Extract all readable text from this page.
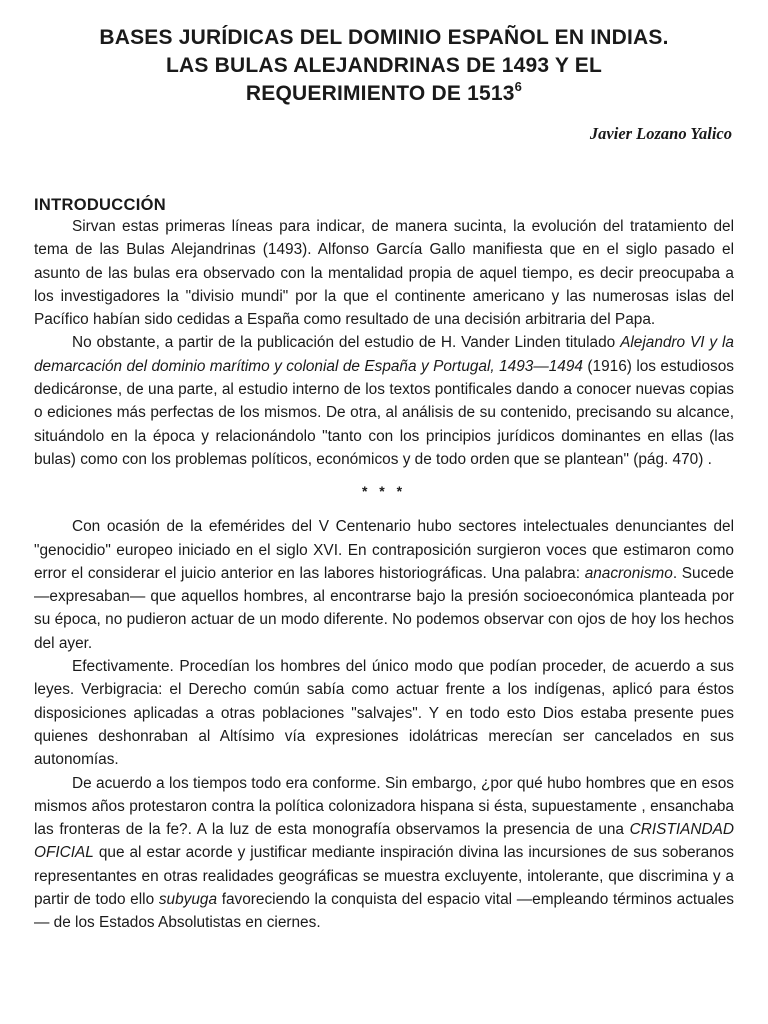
BASES JURÍDICAS DEL DOMINIO ESPAÑOL EN INDIAS.
LAS BULAS ALEJANDRINAS DE 1493 Y EL
REQUERIMIENTO DE 1513$^6$

Javier Lozano Yalico

INTRODUCCIÓN

Sirvan estas primeras líneas para indicar, de manera sucinta, la evolución del tratamiento del tema de las Bulas Alejandrinas (1493). Alfonso García Gallo manifiesta que en el siglo pasado el asunto de las bulas era observado con la mentalidad propia de aquel tiempo, es decir preocupaba a los investigadores la "divisio mundi" por la que el continente americano y las numerosas islas del Pacífico habían sido cedidas a España como resultado de una decisión arbitraria del Papa.

No obstante, a partir de la publicación del estudio de H. Vander Linden titulado Alejandro VI y la demarcación del dominio marítimo y colonial de España y Portugal, 1493—1494 (1916) los estudiosos dedicáronse, de una parte, al estudio interno de los textos pontificales dando a conocer nuevas copias o ediciones más perfectas de los mismos. De otra, al análisis de su contenido, precisando su alcance, situándolo en la época y relacionándolo "tanto con los principios jurídicos dominantes en ellas (las bulas) como con los problemas políticos, económicos y de todo orden que se plantean" (pág. 470) .

* * *

Con ocasión de la efemérides del V Centenario hubo sectores intelectuales denunciantes del "genocidio" europeo iniciado en el siglo XVI. En contraposición surgieron voces que estimaron como error el considerar el juicio anterior en las labores historiográficas. Una palabra: anacronismo. Sucede —expresaban— que aquellos hombres, al encontrarse bajo la presión socioeconómica planteada por su época, no pudieron actuar de un modo diferente. No podemos observar con ojos de hoy los hechos del ayer.

Efectivamente. Procedían los hombres del único modo que podían proceder, de acuerdo a sus leyes. Verbigracia: el Derecho común sabía como actuar frente a los indígenas, aplicó para éstos disposiciones aplicadas a otras poblaciones "salvajes". Y en todo esto Dios estaba presente pues quienes deshonraban al Altísimo vía expresiones idolátricas merecían ser cancelados en sus autonomías.

De acuerdo a los tiempos todo era conforme. Sin embargo, ¿por qué hubo hombres que en esos mismos años protestaron contra la política colonizadora hispana si ésta, supuestamente , ensanchaba las fronteras de la fe?. A la luz de esta monografía observamos la presencia de una CRISTIANDAD OFICIAL que al estar acorde y justificar mediante inspiración divina las incursiones de sus soberanos representantes en otras realidades geográficas se muestra excluyente, intolerante, que discrimina y a partir de todo ello subyuga favoreciendo la conquista del espacio vital —empleando términos actuales— de los Estados Absolutistas en ciernes.
